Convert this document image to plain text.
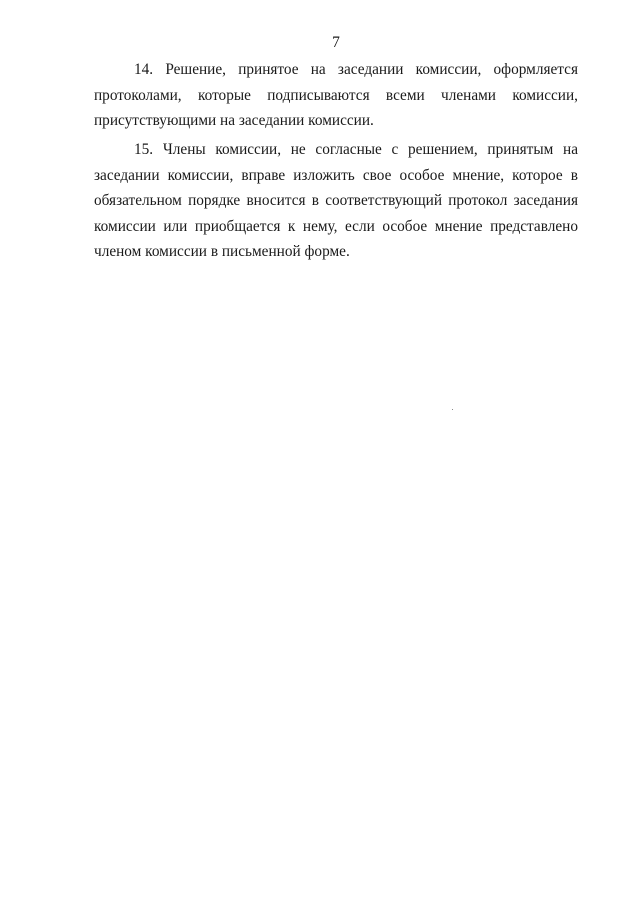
7

14. Решение, принятое на заседании комиссии, оформляется протоколами, которые подписываются всеми членами комиссии, присутствующими на заседании комиссии.

15. Члены комиссии, не согласные с решением, принятым на заседании комиссии, вправе изложить свое особое мнение, которое в обязательном порядке вносится в соответствующий протокол заседания комиссии или приобщается к нему, если особое мнение представлено членом комиссии в письменной форме.
